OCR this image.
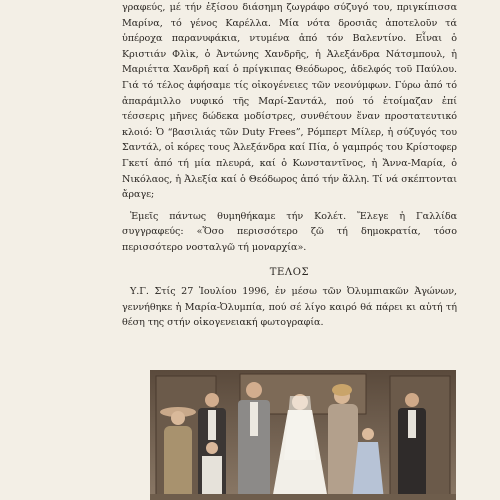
γραφεύς, μέ τήν ἐξίσου διάσημη ζωγράφο σύζυγό του, πριγκίπισσα Μαρίνα, τό γένος Καρέλλα. Μία νότα δροσιᾶς ἀποτελοῦν τά ὑπέροχα παρανυφάκια, ντυμένα ἀπό τόν Βαλεντίνο. Εἶναι ὁ Κριστιάν Φλὶκ, ὁ Ἀντώνης Χανδρῆς, ἡ Ἀλεξάνδρα Νάτσμπουλ, ἡ Μαριέττα Χανδρῆ καί ὁ πρίγκιπας Θεόδωρος, ἀδελφός τοῦ Παύλου. Γιά τό τέλος ἀφήσαμε τίς οἰκογένειες τῶν νεονύμφων. Γύρω ἀπό τό ἀπαράμιλλο νυφικό τῆς Μαρί-Σαντάλ, πού τό ἑτοίμαζαν ἐπί τέσσερις μῆνες δώδεκα μοδίστρες, συνθέτουν ἕναν προστατευτικό κλοιό: Ὁ “βασιλιάς τῶν Duty Frees”, Ρόμπερτ Μίλερ, ἡ σύζυγός του Σαντάλ, οἱ κόρες τους Ἀλεξάνδρα καί Πία, ὁ γαμπρός του Κρίστοφερ Γκετί ἀπό τή μία πλευρά, καί ὁ Κωνσταντῖνος, ἡ Ἄννα-Μαρία, ὁ Νικόλαος, ἡ Ἀλεξία καί ὁ Θεόδωρος ἀπό τήν ἄλλη. Τί νά σκέπτονται ἄραγε;

Ἐμεῖς πάντως θυμηθήκαμε τήν Κολέτ. Ἔλεγε ἡ Γαλλίδα συγγραφεύς: «Ὅσο περισσότερο ζῶ τή δημοκρατία, τόσο περισσότερο νοσταλγῶ τή μοναρχία».

ΤΕΛΟΣ

Υ.Γ. Στίς 27 Ἰουλίου 1996, ἐν μέσω τῶν Ὀλυμπιακῶν Ἀγώνων, γεννήθηκε ἡ Μαρία-Ὀλυμπία, πού σέ λίγο καιρό θά πάρει κι αὐτή τή θέση της στήν οἰκογενειακή φωτογραφία.
